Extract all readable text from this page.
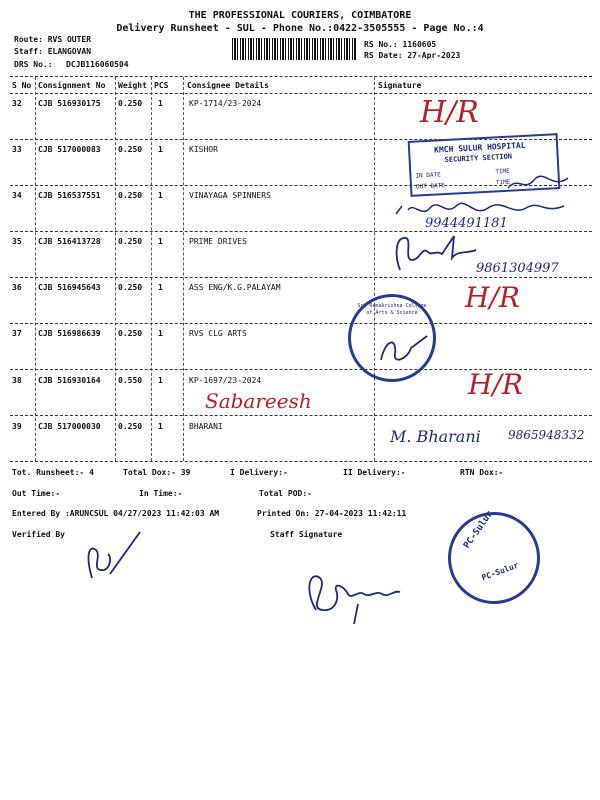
THE PROFESSIONAL COURIERS, COIMBATORE
Delivery Runsheet - SUL - Phone No.:0422-3505555 - Page No.:4
Route: RVS OUTER
Staff: ELANGOVAN
DRS No.: DCJB116060504
RS No.: 1160605
RS Date: 27-Apr-2023
S No Consignment No Weight PCS Consignee Details	Signature
32 CJB 516930175 0.250 1	KP-1714/23-2024
33 CJB 517000083 0.250 1	KISHOR
34 CJB 516537551 0.250 1	VINAYAGA SPINNERS
35 CJB 516413728 0.250 1	PRIME DRIVES
36 CJB 516945643 0.250 1	ASS ENG/K.G.PALAYAM
37 CJB 516986639 0.250 1	RVS CLG ARTS
38 CJB 516930164 0.550 1	KP-1697/23-2024
39 CJB 517000030 0.250 1	BHARANI
H/R
KMCH SULUR HOSPITAL
SECURITY SECTION
IN DATE	TIME
OUT DATE	TIME
9944491181
9861304997
H/R
Sri Ramakrishna College of Arts & Science
H/R
Sabareesh
M. Bharani 9865948332
Tot. Runsheet:- 4	Total Dox:- 39	I Delivery:-	II Delivery:-	RTN Dox:-
Out Time:-	In Time:-	Total POD:-
Entered By :ARUNCSUL 04/27/2023 11:42:03 AM	Printed On: 27-04-2023 11:42:11
Verified By	Staff Signature	PC-Sulur
PC-Sulur
